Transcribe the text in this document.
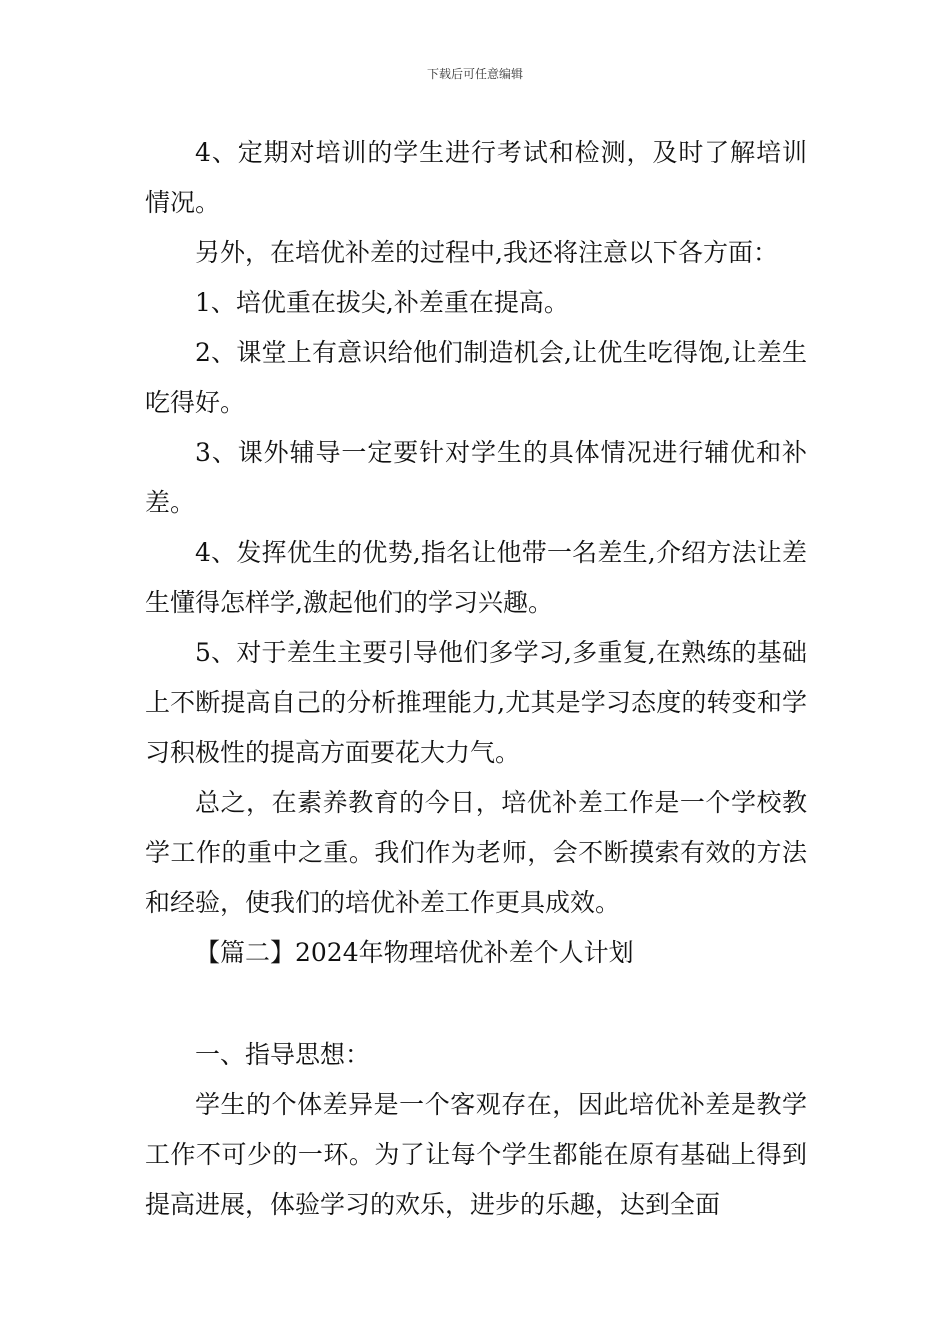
下载后可任意编辑

4、定期对培训的学生进行考试和检测，及时了解培训情况。

另外，在培优补差的过程中,我还将注意以下各方面：

1、培优重在拔尖,补差重在提高。

2、课堂上有意识给他们制造机会,让优生吃得饱,让差生吃得好。

3、课外辅导一定要针对学生的具体情况进行辅优和补差。

4、发挥优生的优势,指名让他带一名差生,介绍方法让差生懂得怎样学,激起他们的学习兴趣。

5、对于差生主要引导他们多学习,多重复,在熟练的基础上不断提高自己的分析推理能力,尤其是学习态度的转变和学习积极性的提高方面要花大力气。

总之，在素养教育的今日，培优补差工作是一个学校教学工作的重中之重。我们作为老师，会不断摸索有效的方法和经验，使我们的培优补差工作更具成效。

【篇二】2024年物理培优补差个人计划

一、指导思想：

学生的个体差异是一个客观存在，因此培优补差是教学工作不可少的一环。为了让每个学生都能在原有基础上得到提高进展，体验学习的欢乐，进步的乐趣，达到全面
